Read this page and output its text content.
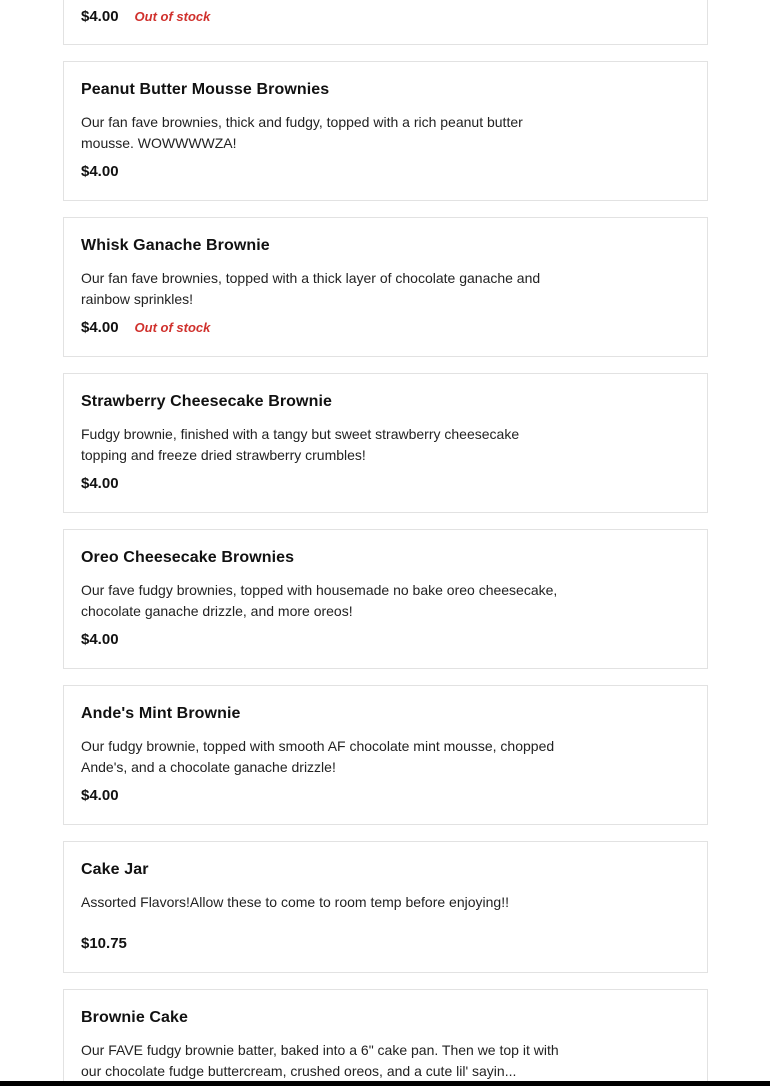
$4.00 Out of stock
Peanut Butter Mousse Brownies

Our fan fave brownies, thick and fudgy, topped with a rich peanut butter mousse. WOWWWWZA!

$4.00
Whisk Ganache Brownie

Our fan fave brownies, topped with a thick layer of chocolate ganache and rainbow sprinkles!

$4.00 Out of stock
Strawberry Cheesecake Brownie

Fudgy brownie, finished with a tangy but sweet strawberry cheesecake topping and freeze dried strawberry crumbles!

$4.00
Oreo Cheesecake Brownies

Our fave fudgy brownies, topped with housemade no bake oreo cheesecake, chocolate ganache drizzle, and more oreos!

$4.00
Ande's Mint Brownie

Our fudgy brownie, topped with smooth AF chocolate mint mousse, chopped Ande's, and a chocolate ganache drizzle!

$4.00
Cake Jar

Assorted Flavors!Allow these to come to room temp before enjoying!!

$10.75
Brownie Cake

Our FAVE fudgy brownie batter, baked into a 6" cake pan. Then we top it with our chocolate fudge buttercream, crushed oreos, and a cute lil' sayin...
